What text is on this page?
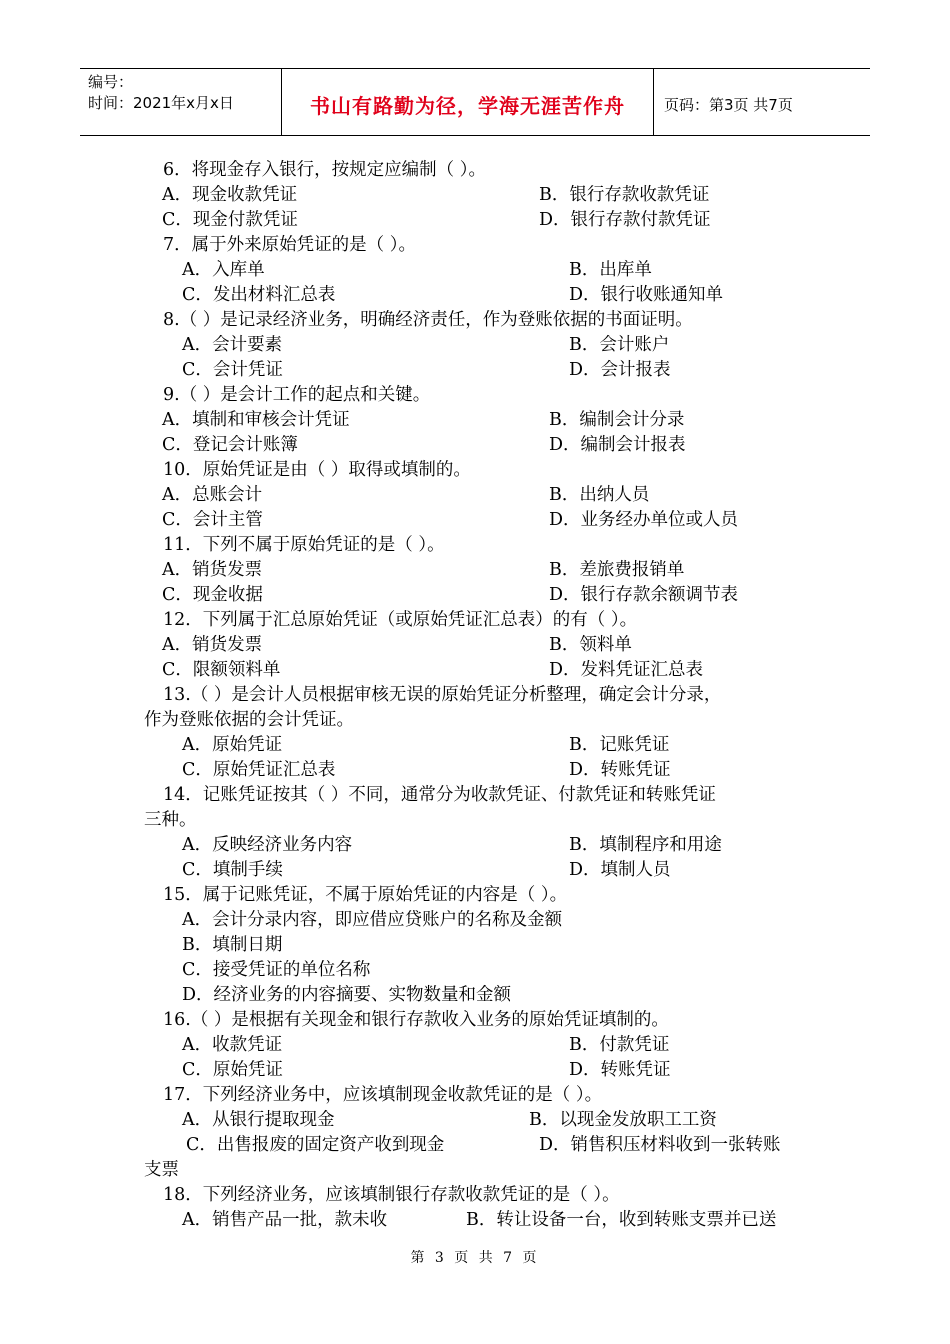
编号：
时间：2021年x月x日	书山有路勤为径，学海无涯苦作舟	页码：第3页 共7页
6．将现金存入银行，按规定应编制（ ）。
A．现金收款凭证	B．银行存款收款凭证
C．现金付款凭证	D．银行存款付款凭证
7．属于外来原始凭证的是（ ）。
A．入库单	B．出库单
C．发出材料汇总表	D．银行收账通知单
8.（ ）是记录经济业务，明确经济责任，作为登账依据的书面证明。
A．会计要素	B．会计账户
C．会计凭证	D．会计报表
9.（ ）是会计工作的起点和关键。
A．填制和审核会计凭证	B．编制会计分录
C．登记会计账簿	D．编制会计报表
10．原始凭证是由（ ）取得或填制的。
A．总账会计	B．出纳人员
C．会计主管	D．业务经办单位或人员
11．下列不属于原始凭证的是（ ）。
A．销货发票	B．差旅费报销单
C．现金收据	D．银行存款余额调节表
12．下列属于汇总原始凭证（或原始凭证汇总表）的有（ ）。
A．销货发票	B．领料单
C．限额领料单	D．发料凭证汇总表
13.（ ）是会计人员根据审核无误的原始凭证分析整理，确定会计分录，
作为登账依据的会计凭证。
A．原始凭证	B．记账凭证
C．原始凭证汇总表	D．转账凭证
14．记账凭证按其（ ）不同，通常分为收款凭证、付款凭证和转账凭证
三种。
A．反映经济业务内容	B．填制程序和用途
C．填制手续	D．填制人员
15．属于记账凭证，不属于原始凭证的内容是（ ）。
A．会计分录内容，即应借应贷账户的名称及金额
B．填制日期
C．接受凭证的单位名称
D．经济业务的内容摘要、实物数量和金额
16.（ ）是根据有关现金和银行存款收入业务的原始凭证填制的。
A．收款凭证	B．付款凭证
C．原始凭证	D．转账凭证
17．下列经济业务中，应该填制现金收款凭证的是（ ）。
A．从银行提取现金	B．以现金发放职工工资
C．出售报废的固定资产收到现金	D．销售积压材料收到一张转账
支票
18．下列经济业务，应该填制银行存款收款凭证的是（ ）。
A．销售产品一批，款未收	B．转让设备一台，收到转账支票并已送
第 3 页 共 7 页
